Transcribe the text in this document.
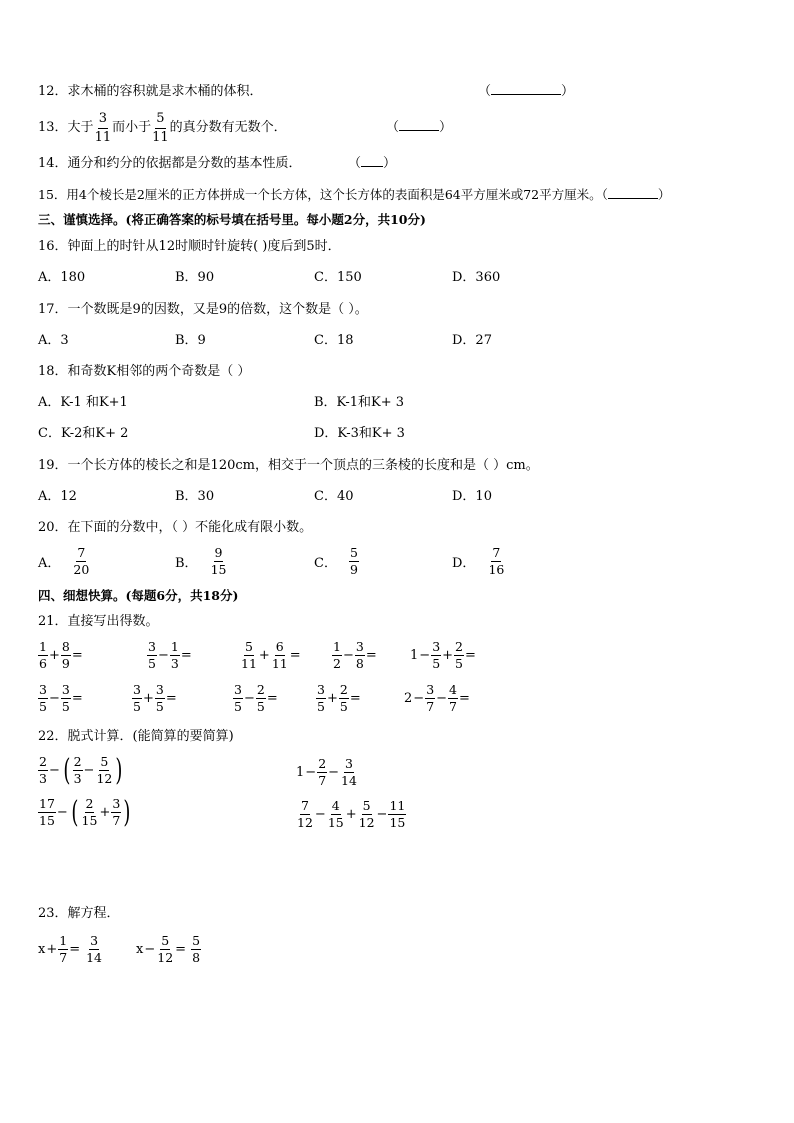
12．求木桶的容积就是求木桶的体积．	（	）
13． 大于 $\frac{3}{11}$ 而小于 $\frac{5}{11}$ 的真分数有无数个．	（	）
14．通分和约分的依据都是分数的基本性质．	（ ）
15．用4个棱长是2厘米的正方体拼成一个长方体，这个长方体的表面积是64平方厘米或72平方厘米。（	）
三、谨慎选择。(将正确答案的标号填在括号里。每小题2分，共10分)
16．钟面上的时针从12时顺时针旋转( )度后到5时．
A．180	B．90	C．150	D．360
17．一个数既是9的因数，又是9的倍数，这个数是（ ）。
A．3	B．9	C．18	D．27
18．和奇数K相邻的两个奇数是（ ）
A．K-1 和K+1	B．K-1和K+ 3
C．K-2和K+ 2	D．K-3和K+ 3
19．一个长方体的棱长之和是120cm，相交于一个顶点的三条棱的长度和是（ ）cm。
A．12	B．30	C．40	D．10
20．在下面的分数中，（ ）不能化成有限小数。
A． $\frac{7}{20}$	B． $\frac{9}{15}$	C． $\frac{5}{9}$	D． $\frac{7}{16}$
四、细想快算。(每题6分，共18分)
21．直接写出得数。
$\frac{1}{6} + \frac{8}{9}$ =	$\frac{3}{5} - \frac{1}{3}$ =	$\frac{5}{11} + \frac{6}{11}$ =	$\frac{1}{2} - \frac{3}{8}$ =	$1 - \frac{3}{5} + \frac{2}{5}$ =
$\frac{3}{5} - \frac{3}{5}$ =	$\frac{3}{5} + \frac{3}{5}$ =	$\frac{3}{5} - \frac{2}{5}$ =	$\frac{3}{5} + \frac{2}{5}$ =	$2 - \frac{3}{7} - \frac{4}{7}$ =
22．脱式计算．(能简算的要简算)
$\frac{2}{3}$ − ( $\frac{2}{3} - \frac{5}{12}$ )	$1 - \frac{2}{7} - \frac{3}{14}$
$\frac{17}{15}$ − ( $\frac{2}{15} + \frac{3}{7}$ )	$\frac{7}{12} - \frac{4}{15} + \frac{5}{12} - \frac{11}{15}$
23．解方程．
$x + \frac{1}{7} = \frac{3}{14}$	$x - \frac{5}{12} = \frac{5}{8}$
